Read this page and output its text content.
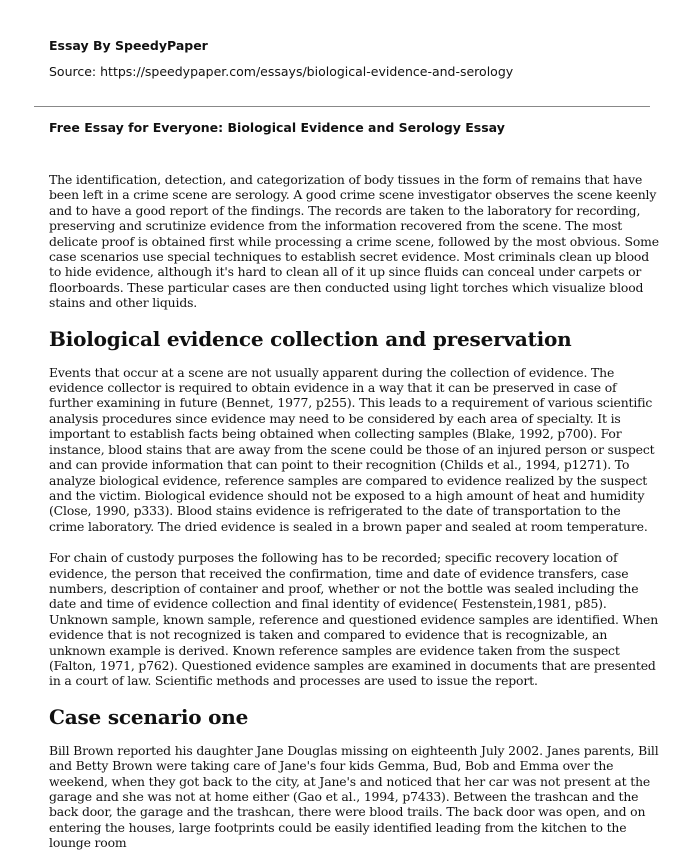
Essay By SpeedyPaper
Source: https://speedypaper.com/essays/biological-evidence-and-serology
Free Essay for Everyone: Biological Evidence and Serology Essay

The identification, detection, and categorization of body tissues in the form of remains that have been left in a crime scene are serology. A good crime scene investigator observes the scene keenly and to have a good report of the findings. The records are taken to the laboratory for recording, preserving and scrutinize evidence from the information recovered from the scene. The most delicate proof is obtained first while processing a crime scene, followed by the most obvious. Some case scenarios use special techniques to establish secret evidence. Most criminals clean up blood to hide evidence, although it's hard to clean all of it up since fluids can conceal under carpets or floorboards. These particular cases are then conducted using light torches which visualize blood stains and other liquids.

Biological evidence collection and preservation

Events that occur at a scene are not usually apparent during the collection of evidence. The evidence collector is required to obtain evidence in a way that it can be preserved in case of further examining in future (Bennet, 1977, p255). This leads to a requirement of various scientific analysis procedures since evidence may need to be considered by each area of specialty. It is important to establish facts being obtained when collecting samples (Blake, 1992, p700). For instance, blood stains that are away from the scene could be those of an injured person or suspect and can provide information that can point to their recognition (Childs et al., 1994, p1271). To analyze biological evidence, reference samples are compared to evidence realized by the suspect and the victim. Biological evidence should not be exposed to a high amount of heat and humidity (Close, 1990, p333). Blood stains evidence is refrigerated to the date of transportation to the crime laboratory. The dried evidence is sealed in a brown paper and sealed at room temperature.

For chain of custody purposes the following has to be recorded; specific recovery location of evidence, the person that received the confirmation, time and date of evidence transfers, case numbers, description of container and proof, whether or not the bottle was sealed including the date and time of evidence collection and final identity of evidence( Festenstein,1981, p85). Unknown sample, known sample, reference and questioned evidence samples are identified. When evidence that is not recognized is taken and compared to evidence that is recognizable, an unknown example is derived. Known reference samples are evidence taken from the suspect (Falton, 1971, p762). Questioned evidence samples are examined in documents that are presented in a court of law. Scientific methods and processes are used to issue the report.

Case scenario one

Bill Brown reported his daughter Jane Douglas missing on eighteenth July 2002. Janes parents, Bill and Betty Brown were taking care of Jane's four kids Gemma, Bud, Bob and Emma over the weekend, when they got back to the city, at Jane's and noticed that her car was not present at the garage and she was not at home either (Gao et al., 1994, p7433). Between the trashcan and the back door, the garage and the trashcan, there were blood trails. The back door was open, and on entering the houses, large footprints could be easily identified leading from the kitchen to the lounge room
